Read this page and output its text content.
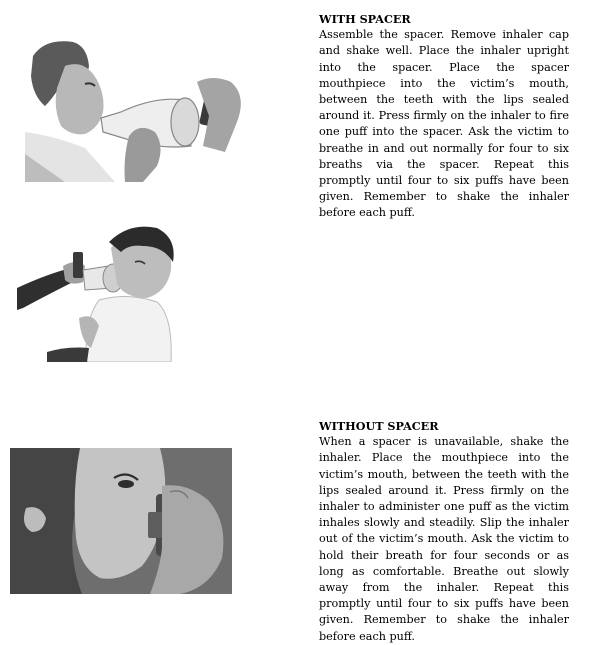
WITH SPACER

Assemble the spacer. Remove inhaler cap and shake well. Place the inhaler upright into the spacer. Place the spacer mouthpiece into the victim’s mouth, between the teeth with the lips sealed around it. Press firmly on the inhaler to fire one puff into the spacer. Ask the victim to breathe in and out normally for four to six breaths via the spacer. Repeat this promptly until four to six puffs have been given. Remember to shake the inhaler before each puff.

WITHOUT SPACER

When a spacer is unavailable, shake the inhaler. Place the mouthpiece into the victim’s mouth, between the teeth with the lips sealed around it. Press firmly on the inhaler to administer one puff as the victim inhales slowly and steadily. Slip the inhaler out of the victim’s mouth. Ask the victim to hold their breath for four seconds or as long as comfortable. Breathe out slowly away from the inhaler. Repeat this promptly until four to six puffs have been given. Remember to shake the inhaler before each puff.
